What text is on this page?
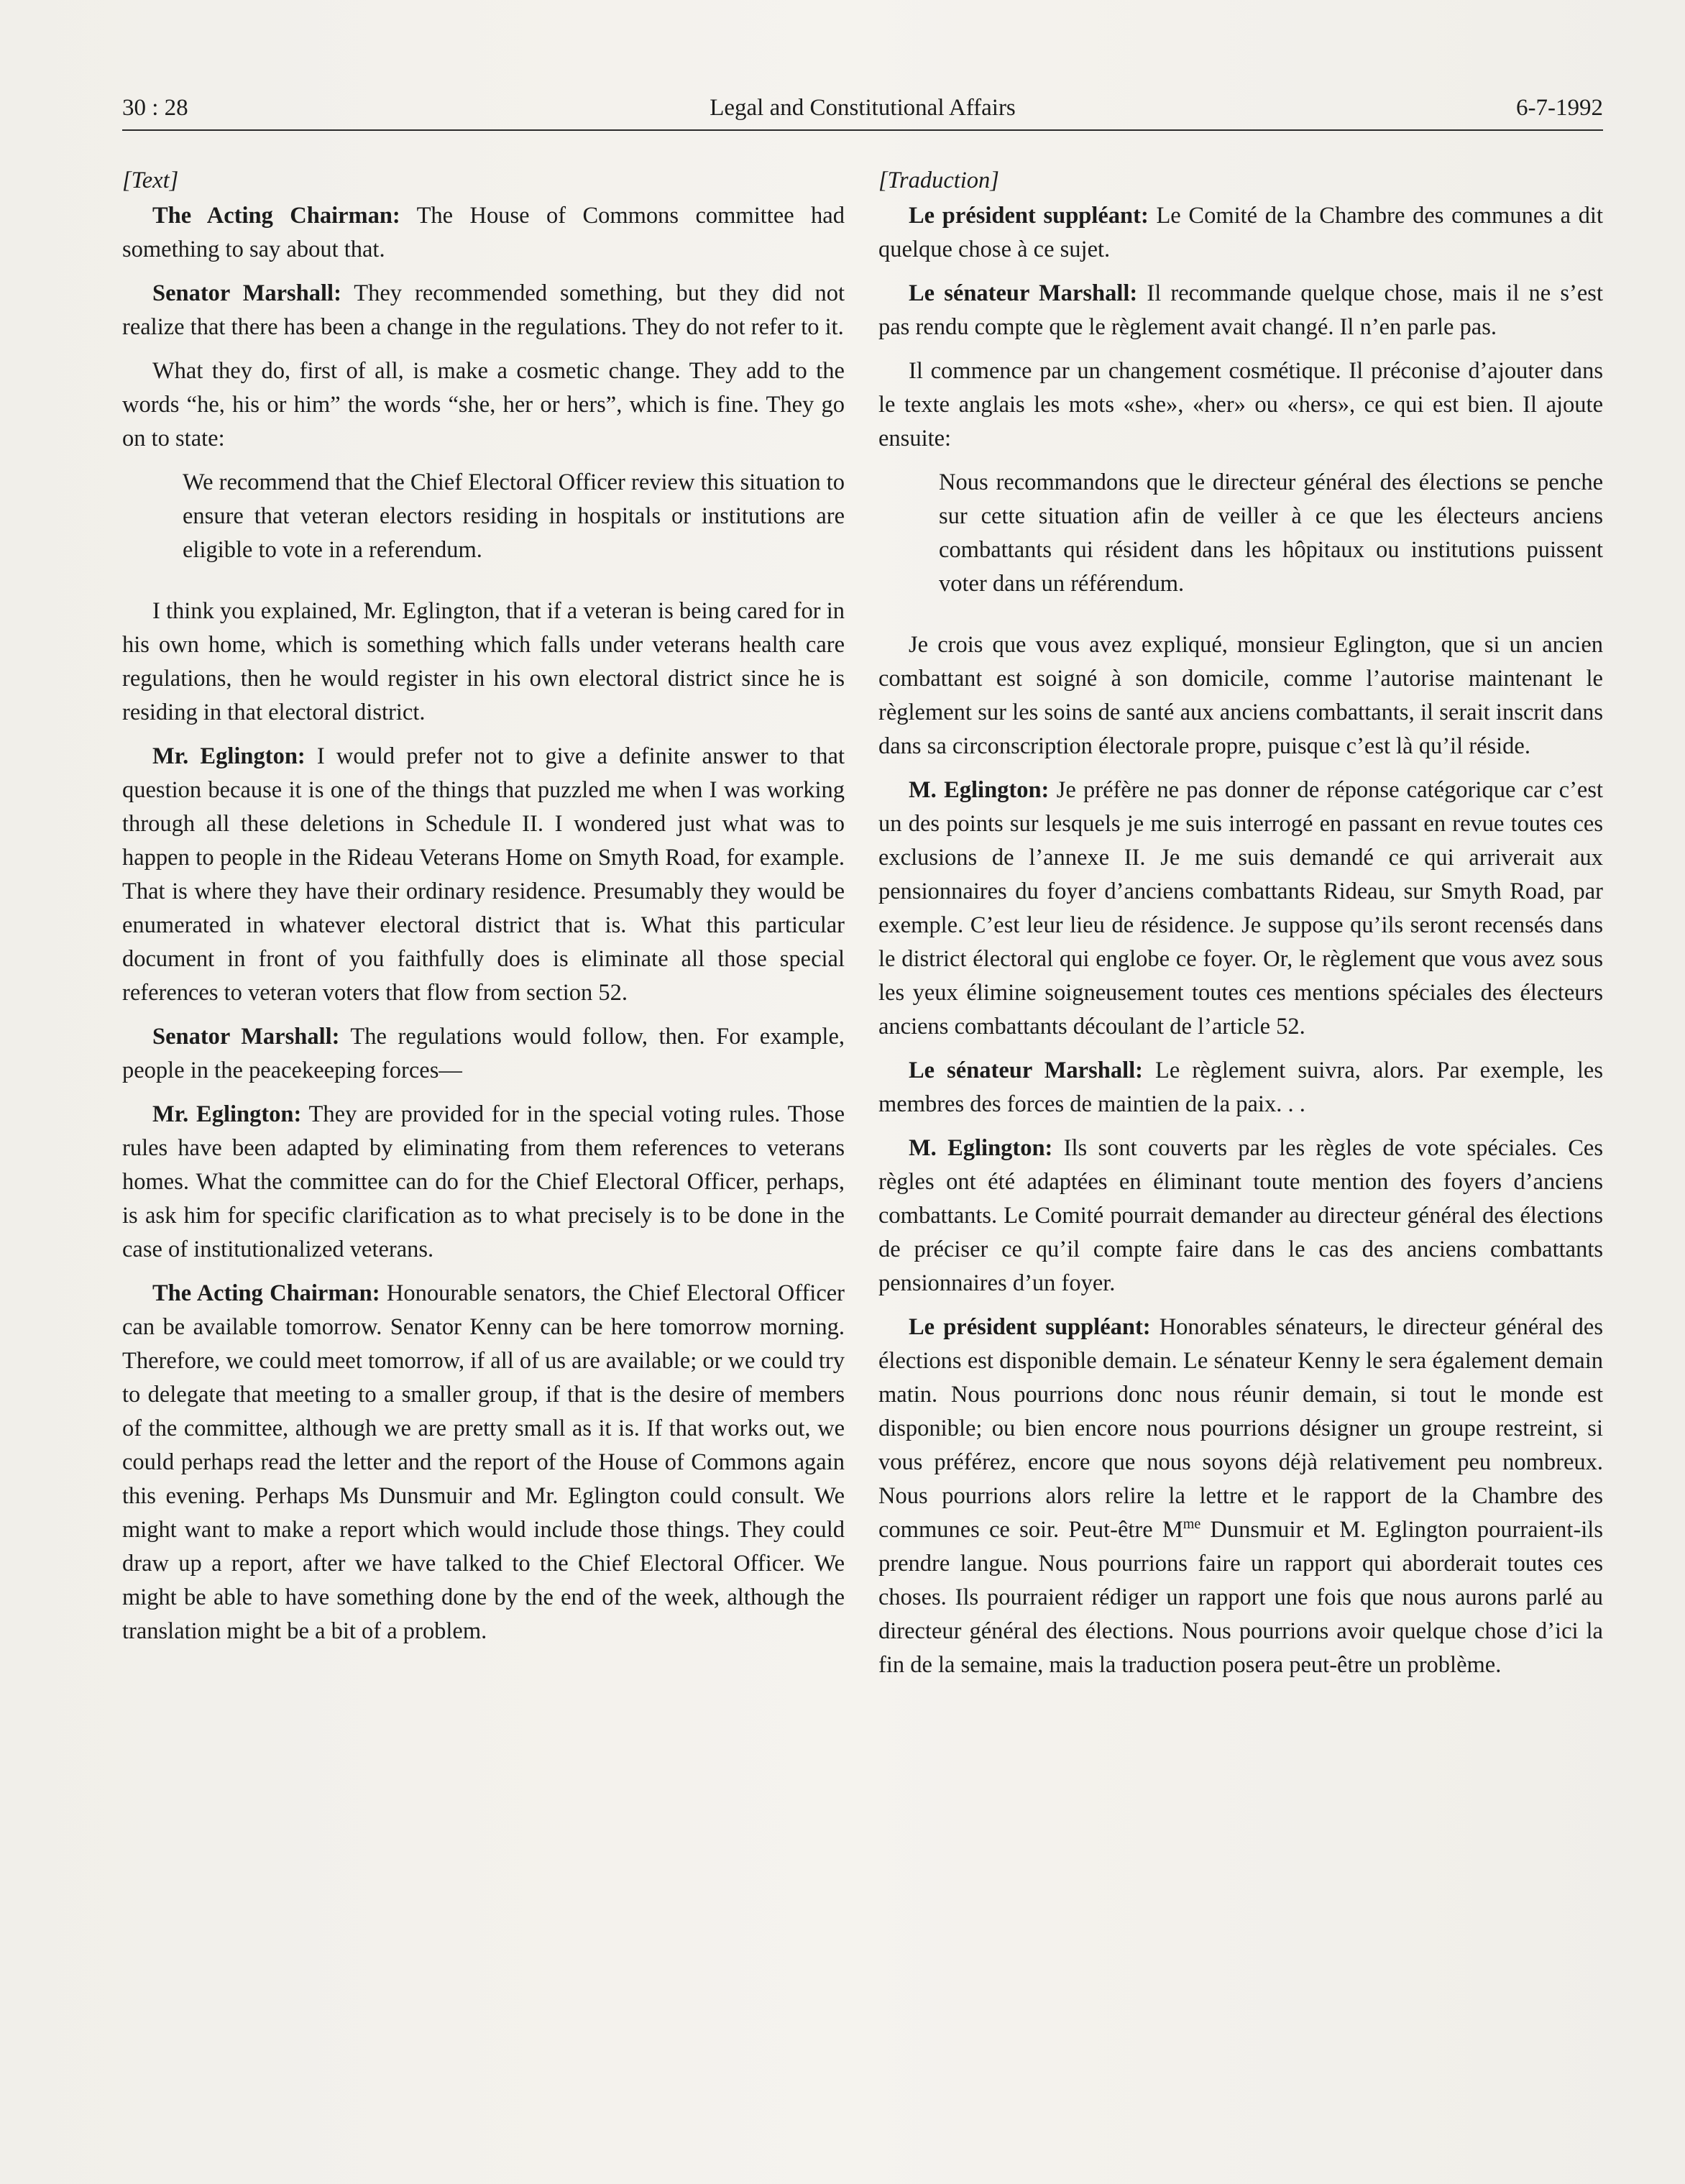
30 : 28	Legal and Constitutional Affairs	6-7-1992

[Text]

The Acting Chairman: The House of Commons committee had something to say about that.

Senator Marshall: They recommended something, but they did not realize that there has been a change in the regulations. They do not refer to it.

What they do, first of all, is make a cosmetic change. They add to the words “he, his or him” the words “she, her or hers”, which is fine. They go on to state:

We recommend that the Chief Electoral Officer review this situation to ensure that veteran electors residing in hospitals or institutions are eligible to vote in a referendum.

I think you explained, Mr. Eglington, that if a veteran is being cared for in his own home, which is something which falls under veterans health care regulations, then he would register in his own electoral district since he is residing in that electoral district.

Mr. Eglington: I would prefer not to give a definite answer to that question because it is one of the things that puzzled me when I was working through all these deletions in Schedule II. I wondered just what was to happen to people in the Rideau Veterans Home on Smyth Road, for example. That is where they have their ordinary residence. Presumably they would be enumerated in whatever electoral district that is. What this particular document in front of you faithfully does is eliminate all those special references to veteran voters that flow from section 52.

Senator Marshall: The regulations would follow, then. For example, people in the peacekeeping forces—

Mr. Eglington: They are provided for in the special voting rules. Those rules have been adapted by eliminating from them references to veterans homes. What the committee can do for the Chief Electoral Officer, perhaps, is ask him for specific clarification as to what precisely is to be done in the case of institutionalized veterans.

The Acting Chairman: Honourable senators, the Chief Electoral Officer can be available tomorrow. Senator Kenny can be here tomorrow morning. Therefore, we could meet tomorrow, if all of us are available; or we could try to delegate that meeting to a smaller group, if that is the desire of members of the committee, although we are pretty small as it is. If that works out, we could perhaps read the letter and the report of the House of Commons again this evening. Perhaps Ms Dunsmuir and Mr. Eglington could consult. We might want to make a report which would include those things. They could draw up a report, after we have talked to the Chief Electoral Officer. We might be able to have something done by the end of the week, although the translation might be a bit of a problem.

[Traduction]

Le président suppléant: Le Comité de la Chambre des communes a dit quelque chose à ce sujet.

Le sénateur Marshall: Il recommande quelque chose, mais il ne s’est pas rendu compte que le règlement avait changé. Il n’en parle pas.

Il commence par un changement cosmétique. Il préconise d’ajouter dans le texte anglais les mots «she», «her» ou «hers», ce qui est bien. Il ajoute ensuite:

Nous recommandons que le directeur général des élections se penche sur cette situation afin de veiller à ce que les électeurs anciens combattants qui résident dans les hôpitaux ou institutions puissent voter dans un référendum.

Je crois que vous avez expliqué, monsieur Eglington, que si un ancien combattant est soigné à son domicile, comme l’autorise maintenant le règlement sur les soins de santé aux anciens combattants, il serait inscrit dans dans sa circonscription électorale propre, puisque c’est là qu’il réside.

M. Eglington: Je préfère ne pas donner de réponse catégorique car c’est un des points sur lesquels je me suis interrogé en passant en revue toutes ces exclusions de l’annexe II. Je me suis demandé ce qui arriverait aux pensionnaires du foyer d’anciens combattants Rideau, sur Smyth Road, par exemple. C’est leur lieu de résidence. Je suppose qu’ils seront recensés dans le district électoral qui englobe ce foyer. Or, le règlement que vous avez sous les yeux élimine soigneusement toutes ces mentions spéciales des électeurs anciens combattants découlant de l’article 52.

Le sénateur Marshall: Le règlement suivra, alors. Par exemple, les membres des forces de maintien de la paix. . .

M. Eglington: Ils sont couverts par les règles de vote spéciales. Ces règles ont été adaptées en éliminant toute mention des foyers d’anciens combattants. Le Comité pourrait demander au directeur général des élections de préciser ce qu’il compte faire dans le cas des anciens combattants pensionnaires d’un foyer.

Le président suppléant: Honorables sénateurs, le directeur général des élections est disponible demain. Le sénateur Kenny le sera également demain matin. Nous pourrions donc nous réunir demain, si tout le monde est disponible; ou bien encore nous pourrions désigner un groupe restreint, si vous préférez, encore que nous soyons déjà relativement peu nombreux. Nous pourrions alors relire la lettre et le rapport de la Chambre des communes ce soir. Peut-être $M^{me}$ Dunsmuir et M. Eglington pourraient-ils prendre langue. Nous pourrions faire un rapport qui aborderait toutes ces choses. Ils pourraient rédiger un rapport une fois que nous aurons parlé au directeur général des élections. Nous pourrions avoir quelque chose d’ici la fin de la semaine, mais la traduction posera peut-être un problème.
